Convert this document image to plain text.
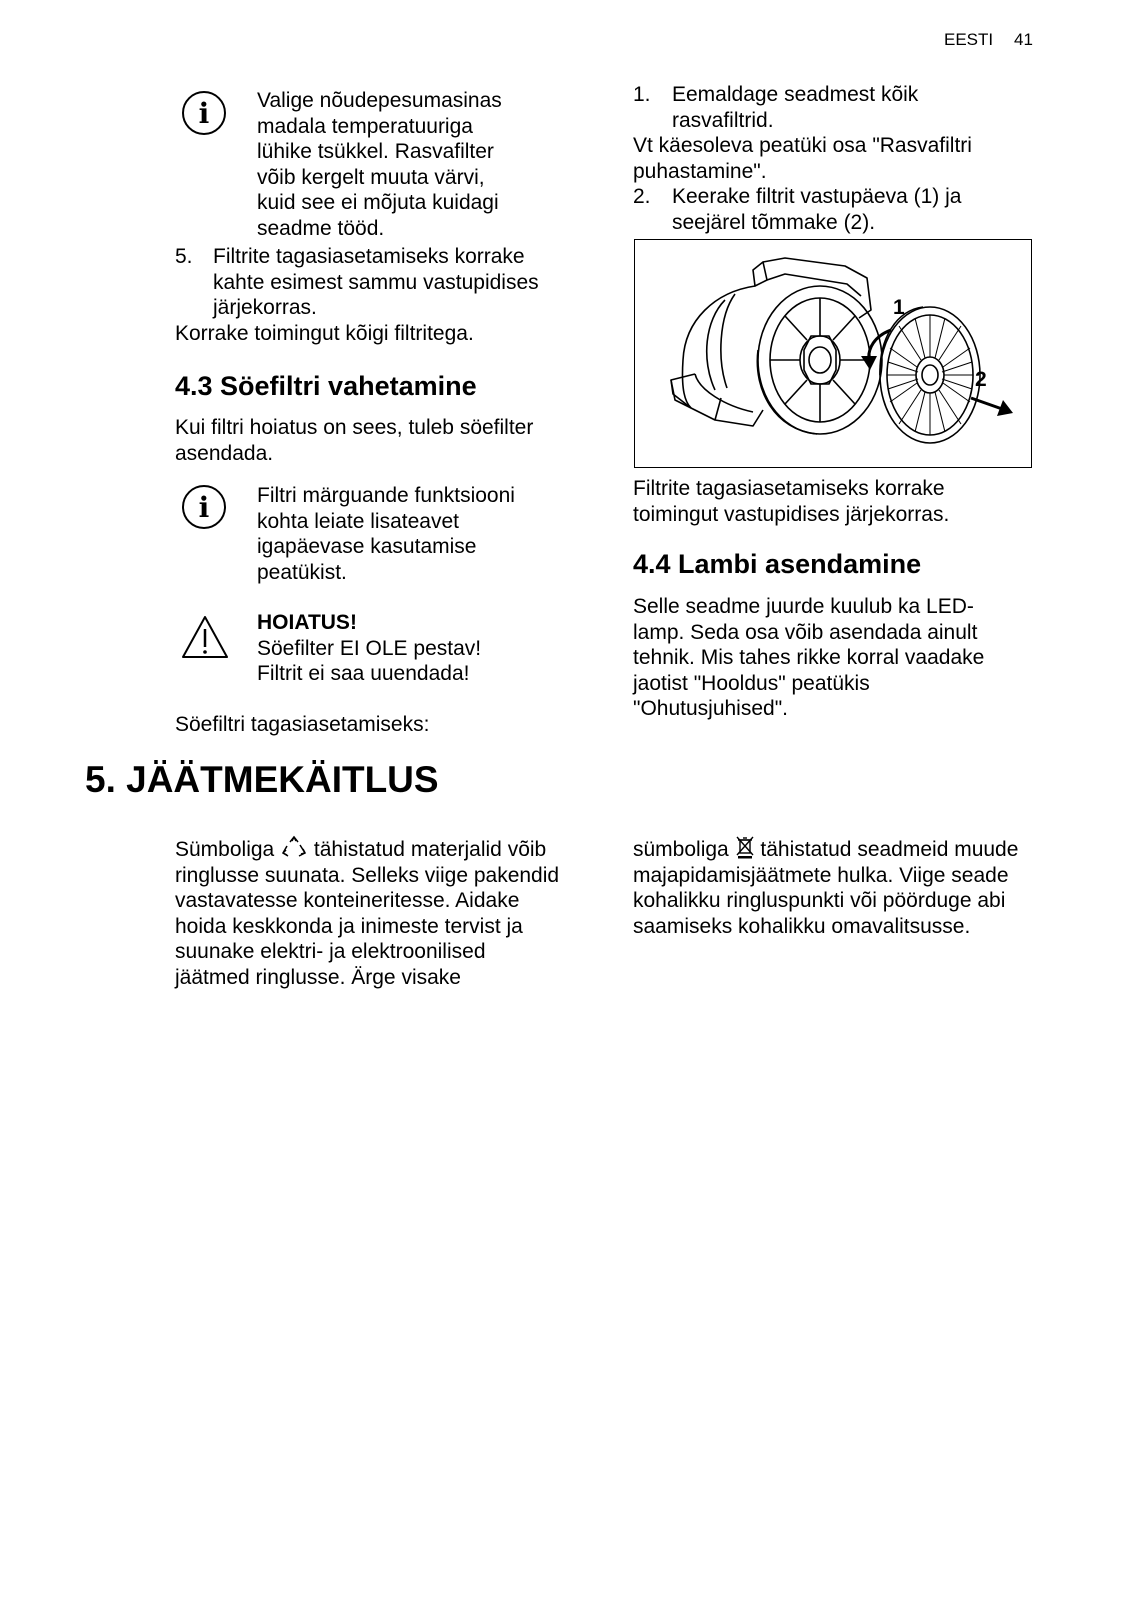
EESTI 41
i Valige nõudepesumasinas
madala temperatuuriga
lühike tsükkel. Rasvafilter
võib kergelt muuta värvi,
kuid see ei mõjuta kuidagi
seadme tööd.
5. Filtrite tagasiasetamiseks korrake
kahte esimest sammu vastupidises
järjekorras.
Korrake toimingut kõigi filtritega.
4.3 Söefiltri vahetamine
Kui filtri hoiatus on sees, tuleb söefilter
asendada.
i Filtri märguande funktsiooni
kohta leiate lisateavet
igapäevase kasutamise
peatükist.
HOIATUS!
Söefilter EI OLE pestav!
Filtrit ei saa uuendada!
Söefiltri tagasiasetamiseks:
1. Eemaldage seadmest kõik
rasvafiltrid.
Vt käesoleva peatüki osa "Rasvafiltri
puhastamine".
2. Keerake filtrit vastupäeva (1) ja
seejärel tõmmake (2).
1
2
Filtrite tagasiasetamiseks korrake
toimingut vastupidises järjekorras.
4.4 Lambi asendamine
Selle seadme juurde kuulub ka LED-
lamp. Seda osa võib asendada ainult
tehnik. Mis tahes rikke korral vaadake
jaotist "Hooldus" peatükis
"Ohutusjuhised".
5. JÄÄTMEKÄITLUS
Sümboliga tähistatud materjalid võib
ringlusse suunata. Selleks viige pakendid
vastavatesse konteineritesse. Aidake
hoida keskkonda ja inimeste tervist ja
suunake elektri- ja elektroonilised
jäätmed ringlusse. Ärge visake
sümboliga tähistatud seadmeid muude
majapidamisjäätmete hulka. Viige seade
kohalikku ringluspunkti või pöörduge abi
saamiseks kohalikku omavalitsusse.
